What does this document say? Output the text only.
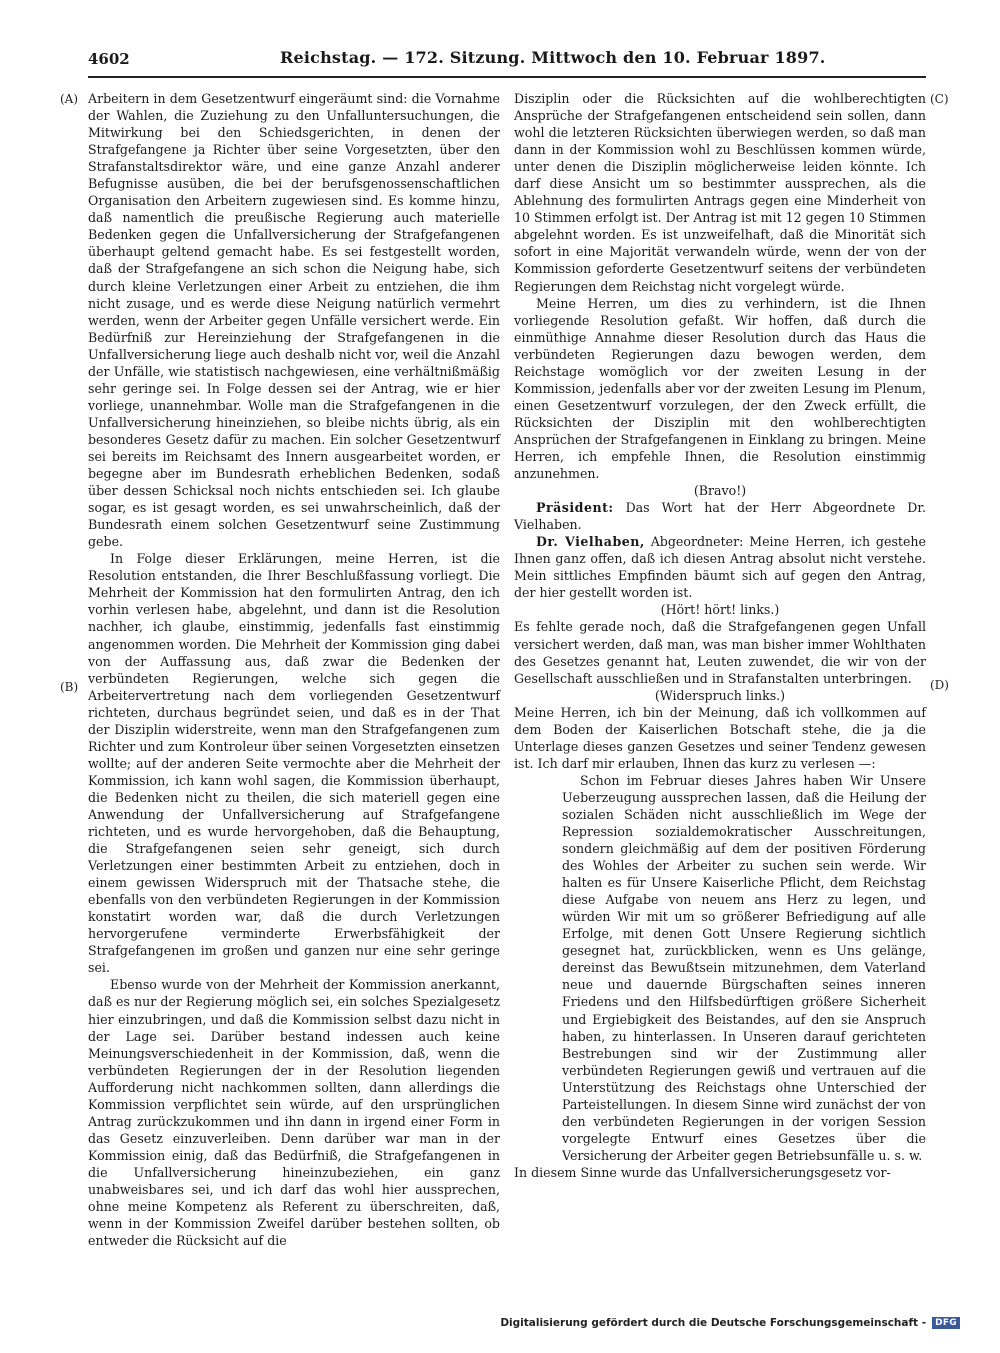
4602	Reichstag. — 172. Sitzung. Mittwoch den 10. Februar 1897.
(A)
(B)
(C)
(D)

Arbeitern in dem Gesetzentwurf eingeräumt sind: die Vornahme der Wahlen, die Zuziehung zu den Unfalluntersuchungen, die Mitwirkung bei den Schiedsgerichten, in denen der Strafgefangene ja Richter über seine Vorgesetzten, über den Strafanstaltsdirektor wäre, und eine ganze Anzahl anderer Befugnisse ausüben, die bei der berufsgenossenschaftlichen Organisation den Arbeitern zugewiesen sind. Es komme hinzu, daß namentlich die preußische Regierung auch materielle Bedenken gegen die Unfallversicherung der Strafgefangenen überhaupt geltend gemacht habe. Es sei festgestellt worden, daß der Strafgefangene an sich schon die Neigung habe, sich durch kleine Verletzungen einer Arbeit zu entziehen, die ihm nicht zusage, und es werde diese Neigung natürlich vermehrt werden, wenn der Arbeiter gegen Unfälle versichert werde. Ein Bedürfniß zur Hereinziehung der Strafgefangenen in die Unfallversicherung liege auch deshalb nicht vor, weil die Anzahl der Unfälle, wie statistisch nachgewiesen, eine verhältnißmäßig sehr geringe sei. In Folge dessen sei der Antrag, wie er hier vorliege, unannehmbar. Wolle man die Strafgefangenen in die Unfallversicherung hineinziehen, so bleibe nichts übrig, als ein besonderes Gesetz dafür zu machen. Ein solcher Gesetzentwurf sei bereits im Reichsamt des Innern ausgearbeitet worden, er begegne aber im Bundesrath erheblichen Bedenken, sodaß über dessen Schicksal noch nichts entschieden sei. Ich glaube sogar, es ist gesagt worden, es sei unwahrscheinlich, daß der Bundesrath einem solchen Gesetzentwurf seine Zustimmung gebe.

In Folge dieser Erklärungen, meine Herren, ist die Resolution entstanden, die Ihrer Beschlußfassung vorliegt. Die Mehrheit der Kommission hat den formulirten Antrag, den ich vorhin verlesen habe, abgelehnt, und dann ist die Resolution nachher, ich glaube, einstimmig, jedenfalls fast einstimmig angenommen worden. Die Mehrheit der Kommission ging dabei von der Auffassung aus, daß zwar die Bedenken der verbündeten Regierungen, welche sich gegen die Arbeitervertretung nach dem vorliegenden Gesetzentwurf richteten, durchaus begründet seien, und daß es in der That der Disziplin widerstreite, wenn man den Strafgefangenen zum Richter und zum Kontroleur über seinen Vorgesetzten einsetzen wollte; auf der anderen Seite vermochte aber die Mehrheit der Kommission, ich kann wohl sagen, die Kommission überhaupt, die Bedenken nicht zu theilen, die sich materiell gegen eine Anwendung der Unfallversicherung auf Strafgefangene richteten, und es wurde hervorgehoben, daß die Behauptung, die Strafgefangenen seien sehr geneigt, sich durch Verletzungen einer bestimmten Arbeit zu entziehen, doch in einem gewissen Widerspruch mit der Thatsache stehe, die ebenfalls von den verbündeten Regierungen in der Kommission konstatirt worden war, daß die durch Verletzungen hervorgerufene verminderte Erwerbsfähigkeit der Strafgefangenen im großen und ganzen nur eine sehr geringe sei.

Ebenso wurde von der Mehrheit der Kommission anerkannt, daß es nur der Regierung möglich sei, ein solches Spezialgesetz hier einzubringen, und daß die Kommission selbst dazu nicht in der Lage sei. Darüber bestand indessen auch keine Meinungsverschiedenheit in der Kommission, daß, wenn die verbündeten Regierungen der in der Resolution liegenden Aufforderung nicht nachkommen sollten, dann allerdings die Kommission verpflichtet sein würde, auf den ursprünglichen Antrag zurückzukommen und ihn dann in irgend einer Form in das Gesetz einzuverleiben. Denn darüber war man in der Kommission einig, daß das Bedürfniß, die Strafgefangenen in die Unfallversicherung hineinzubeziehen, ein ganz unabweisbares sei, und ich darf das wohl hier aussprechen, ohne meine Kompetenz als Referent zu überschreiten, daß, wenn in der Kommission Zweifel darüber bestehen sollten, ob entweder die Rücksicht auf die

Disziplin oder die Rücksichten auf die wohlberechtigten Ansprüche der Strafgefangenen entscheidend sein sollen, dann wohl die letzteren Rücksichten überwiegen werden, so daß man dann in der Kommission wohl zu Beschlüssen kommen würde, unter denen die Disziplin möglicherweise leiden könnte. Ich darf diese Ansicht um so bestimmter aussprechen, als die Ablehnung des formulirten Antrags gegen eine Minderheit von 10 Stimmen erfolgt ist. Der Antrag ist mit 12 gegen 10 Stimmen abgelehnt worden. Es ist unzweifelhaft, daß die Minorität sich sofort in eine Majorität verwandeln würde, wenn der von der Kommission geforderte Gesetzentwurf seitens der verbündeten Regierungen dem Reichstag nicht vorgelegt würde.

Meine Herren, um dies zu verhindern, ist die Ihnen vorliegende Resolution gefaßt. Wir hoffen, daß durch die einmüthige Annahme dieser Resolution durch das Haus die verbündeten Regierungen dazu bewogen werden, dem Reichstage womöglich vor der zweiten Lesung in der Kommission, jedenfalls aber vor der zweiten Lesung im Plenum, einen Gesetzentwurf vorzulegen, der den Zweck erfüllt, die Rücksichten der Disziplin mit den wohlberechtigten Ansprüchen der Strafgefangenen in Einklang zu bringen. Meine Herren, ich empfehle Ihnen, die Resolution einstimmig anzunehmen.

(Bravo!)

Präsident: Das Wort hat der Herr Abgeordnete Dr. Vielhaben.

Dr. Vielhaben, Abgeordneter: Meine Herren, ich gestehe Ihnen ganz offen, daß ich diesen Antrag absolut nicht verstehe. Mein sittliches Empfinden bäumt sich auf gegen den Antrag, der hier gestellt worden ist.

(Hört! hört! links.)

Es fehlte gerade noch, daß die Strafgefangenen gegen Unfall versichert werden, daß man, was man bisher immer Wohlthaten des Gesetzes genannt hat, Leuten zuwendet, die wir von der Gesellschaft ausschließen und in Strafanstalten unterbringen.

(Widerspruch links.)

Meine Herren, ich bin der Meinung, daß ich vollkommen auf dem Boden der Kaiserlichen Botschaft stehe, die ja die Unterlage dieses ganzen Gesetzes und seiner Tendenz gewesen ist. Ich darf mir erlauben, Ihnen das kurz zu verlesen —:

Schon im Februar dieses Jahres haben Wir Unsere Ueberzeugung aussprechen lassen, daß die Heilung der sozialen Schäden nicht ausschließlich im Wege der Repression sozialdemokratischer Ausschreitungen, sondern gleichmäßig auf dem der positiven Förderung des Wohles der Arbeiter zu suchen sein werde. Wir halten es für Unsere Kaiserliche Pflicht, dem Reichstag diese Aufgabe von neuem ans Herz zu legen, und würden Wir mit um so größerer Befriedigung auf alle Erfolge, mit denen Gott Unsere Regierung sichtlich gesegnet hat, zurückblicken, wenn es Uns gelänge, dereinst das Bewußtsein mitzunehmen, dem Vaterland neue und dauernde Bürgschaften seines inneren Friedens und den Hilfsbedürftigen größere Sicherheit und Ergiebigkeit des Beistandes, auf den sie Anspruch haben, zu hinterlassen. In Unseren darauf gerichteten Bestrebungen sind wir der Zustimmung aller verbündeten Regierungen gewiß und vertrauen auf die Unterstützung des Reichstags ohne Unterschied der Parteistellungen. In diesem Sinne wird zunächst der von den verbündeten Regierungen in der vorigen Session vorgelegte Entwurf eines Gesetzes über die Versicherung der Arbeiter gegen Betriebsunfälle u. s. w.

In diesem Sinne wurde das Unfallversicherungsgesetz vor-

Digitalisierung gefördert durch die Deutsche Forschungsgemeinschaft -	DFG
